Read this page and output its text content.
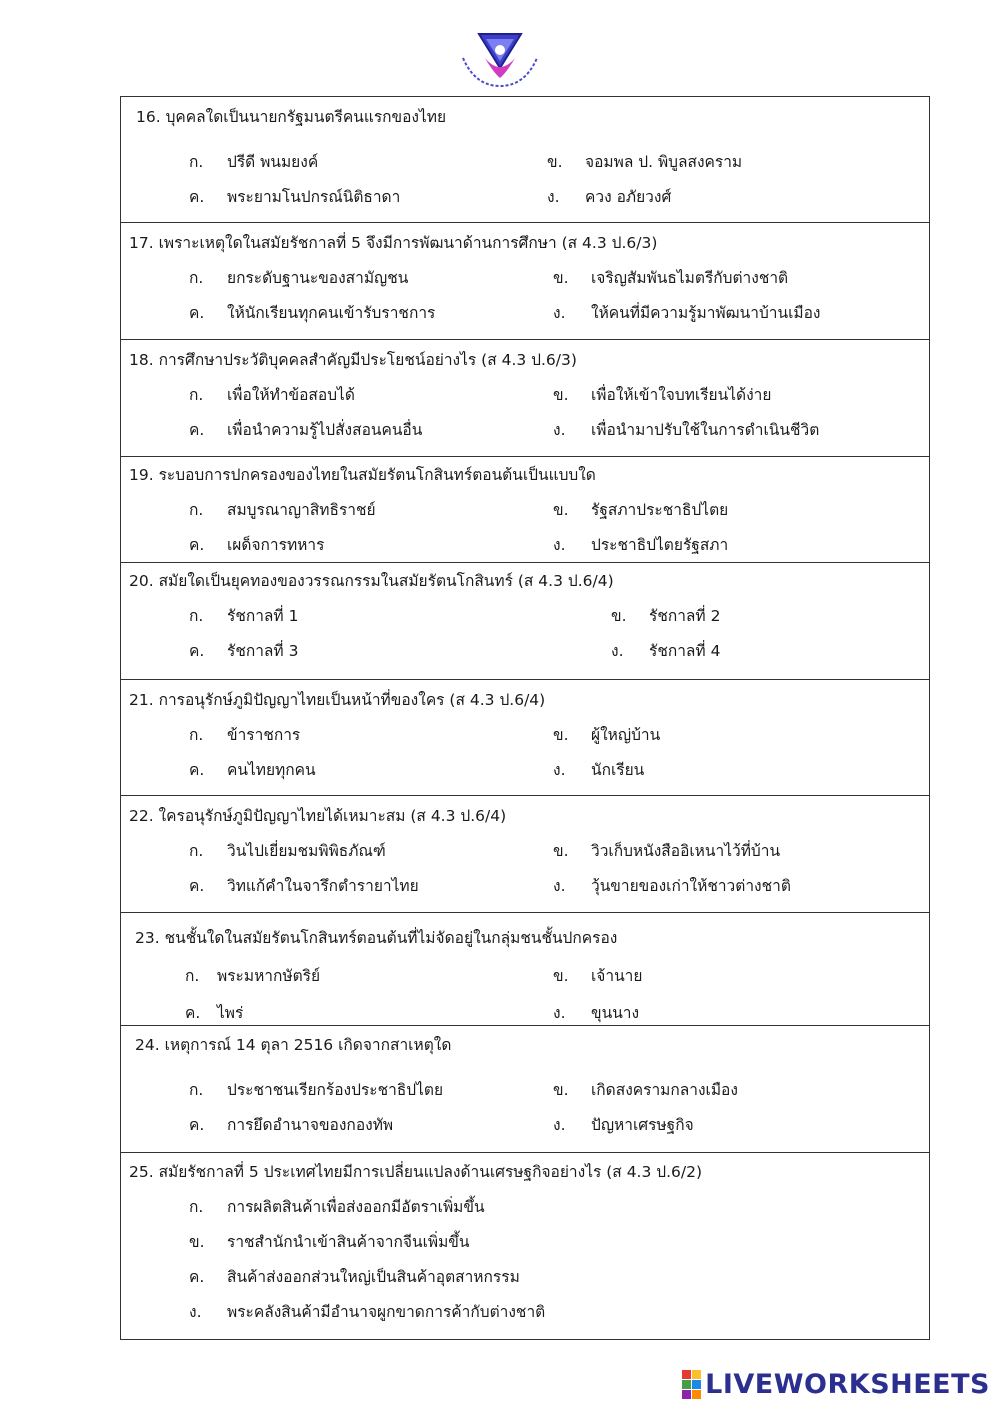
16. บุคคลใดเป็นนายกรัฐมนตรีคนแรกของไทย
ก. ปรีดี พนมยงค์	ข. จอมพล ป. พิบูลสงคราม
ค. พระยามโนปกรณ์นิติธาดา	ง. ควง อภัยวงศ์
17. เพราะเหตุใดในสมัยรัชกาลที่ 5 จึงมีการพัฒนาด้านการศึกษา (ส 4.3 ป.6/3)
ก. ยกระดับฐานะของสามัญชน	ข. เจริญสัมพันธไมตรีกับต่างชาติ
ค. ให้นักเรียนทุกคนเข้ารับราชการ	ง. ให้คนที่มีความรู้มาพัฒนาบ้านเมือง
18. การศึกษาประวัติบุคคลสำคัญมีประโยชน์อย่างไร (ส 4.3 ป.6/3)
ก. เพื่อให้ทำข้อสอบได้	ข. เพื่อให้เข้าใจบทเรียนได้ง่าย
ค. เพื่อนำความรู้ไปสั่งสอนคนอื่น	ง. เพื่อนำมาปรับใช้ในการดำเนินชีวิต
19. ระบอบการปกครองของไทยในสมัยรัตนโกสินทร์ตอนต้นเป็นแบบใด
ก. สมบูรณาญาสิทธิราชย์	ข. รัฐสภาประชาธิปไตย
ค. เผด็จการทหาร	ง. ประชาธิปไตยรัฐสภา
20. สมัยใดเป็นยุคทองของวรรณกรรมในสมัยรัตนโกสินทร์ (ส 4.3 ป.6/4)
ก. รัชกาลที่ 1	ข. รัชกาลที่ 2
ค. รัชกาลที่ 3	ง. รัชกาลที่ 4
21. การอนุรักษ์ภูมิปัญญาไทยเป็นหน้าที่ของใคร (ส 4.3 ป.6/4)
ก. ข้าราชการ	ข. ผู้ใหญ่บ้าน
ค. คนไทยทุกคน	ง. นักเรียน
22. ใครอนุรักษ์ภูมิปัญญาไทยได้เหมาะสม (ส 4.3 ป.6/4)
ก. วินไปเยี่ยมชมพิพิธภัณฑ์	ข. วิวเก็บหนังสืออิเหนาไว้ที่บ้าน
ค. วิทแก้คำในจารึกตำรายาไทย	ง. วุ้นขายของเก่าให้ชาวต่างชาติ
23. ชนชั้นใดในสมัยรัตนโกสินทร์ตอนต้นที่ไม่จัดอยู่ในกลุ่มชนชั้นปกครอง
ก. พระมหากษัตริย์	ข. เจ้านาย
ค. ไพร่	ง. ขุนนาง
24. เหตุการณ์ 14 ตุลา 2516 เกิดจากสาเหตุใด
ก. ประชาชนเรียกร้องประชาธิปไตย	ข. เกิดสงครามกลางเมือง
ค. การยึดอำนาจของกองทัพ	ง. ปัญหาเศรษฐกิจ
25. สมัยรัชกาลที่ 5 ประเทศไทยมีการเปลี่ยนแปลงด้านเศรษฐกิจอย่างไร (ส 4.3 ป.6/2)
ก. การผลิตสินค้าเพื่อส่งออกมีอัตราเพิ่มขึ้น
ข. ราชสำนักนำเข้าสินค้าจากจีนเพิ่มขึ้น
ค. สินค้าส่งออกส่วนใหญ่เป็นสินค้าอุตสาหกรรม
ง. พระคลังสินค้ามีอำนาจผูกขาดการค้ากับต่างชาติ
LIVEWORKSHEETS
